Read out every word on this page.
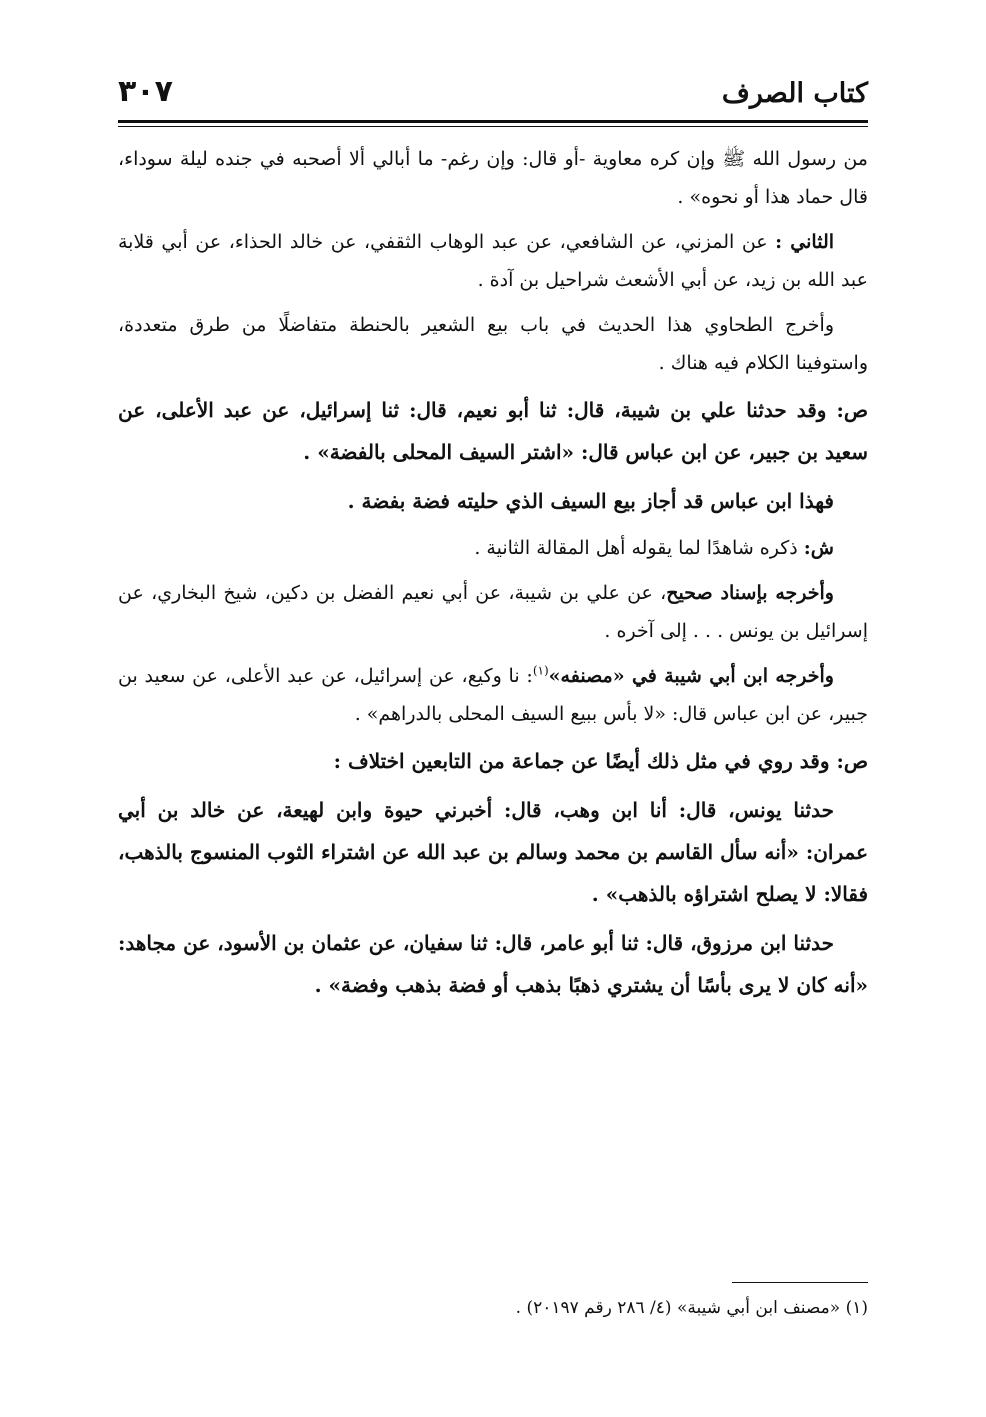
كتاب الصرف
٣٠٧

من رسول الله ﷺ وإن كره معاوية -أو قال: وإن رغم- ما أبالي ألا أصحبه في جنده ليلة سوداء، قال حماد هذا أو نحوه» .

الثاني : عن المزني، عن الشافعي، عن عبد الوهاب الثقفي، عن خالد الحذاء، عن أبي قلابة عبد الله بن زيد، عن أبي الأشعث شراحيل بن آدة .

وأخرج الطحاوي هذا الحديث في باب بيع الشعير بالحنطة متفاضلًا من طرق متعددة، واستوفينا الكلام فيه هناك .

ص: وقد حدثنا علي بن شيبة، قال: ثنا أبو نعيم، قال: ثنا إسرائيل، عن عبد الأعلى، عن سعيد بن جبير، عن ابن عباس قال: «اشتر السيف المحلى بالفضة» .

فهذا ابن عباس قد أجاز بيع السيف الذي حليته فضة بفضة .

ش: ذكره شاهدًا لما يقوله أهل المقالة الثانية .

وأخرجه بإسناد صحيح، عن علي بن شيبة، عن أبي نعيم الفضل بن دكين، شيخ البخاري، عن إسرائيل بن يونس . . . إلى آخره .

وأخرجه ابن أبي شيبة في «مصنفه»$^{(١)}$: نا وكيع، عن إسرائيل، عن عبد الأعلى، عن سعيد بن جبير، عن ابن عباس قال: «لا بأس ببيع السيف المحلى بالدراهم» .

ص: وقد روي في مثل ذلك أيضًا عن جماعة من التابعين اختلاف :

حدثنا يونس، قال: أنا ابن وهب، قال: أخبرني حيوة وابن لهيعة، عن خالد بن أبي عمران: «أنه سأل القاسم بن محمد وسالم بن عبد الله عن اشتراء الثوب المنسوج بالذهب، فقالا: لا يصلح اشتراؤه بالذهب» .

حدثنا ابن مرزوق، قال: ثنا أبو عامر، قال: ثنا سفيان، عن عثمان بن الأسود، عن مجاهد: «أنه كان لا يرى بأسًا أن يشتري ذهبًا بذهب أو فضة بذهب وفضة» .

(١) «مصنف ابن أبي شيبة» (٤/ ٢٨٦ رقم ٢٠١٩٧) .
